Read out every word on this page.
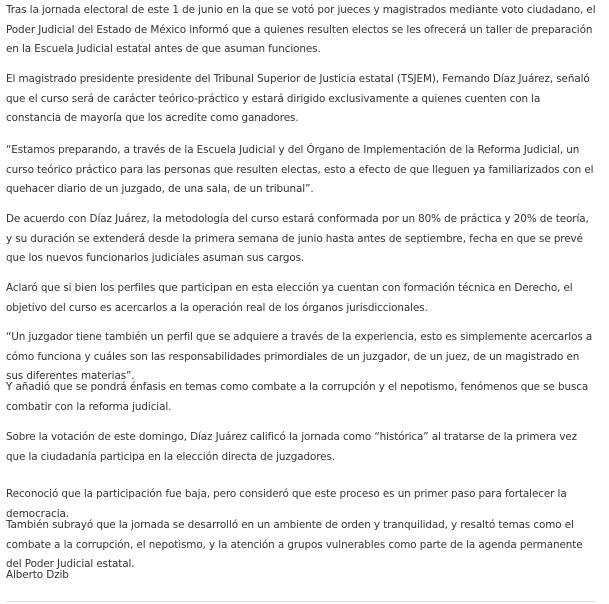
Tras la jornada electoral de este 1 de junio en la que se votó por jueces y magistrados mediante voto ciudadano, el Poder Judicial del Estado de México informó que a quienes resulten electos se les ofrecerá un taller de preparación en la Escuela Judicial estatal antes de que asuman funciones.

El magistrado presidente presidente del Tribunal Superior de Justicia estatal (TSJEM), Fernando Díaz Juárez, señaló que el curso será de carácter teórico-práctico y estará dirigido exclusivamente a quienes cuenten con la constancia de mayoría que los acredite como ganadores.

“Estamos preparando, a través de la Escuela Judicial y del Órgano de Implementación de la Reforma Judicial, un curso teórico práctico para las personas que resulten electas, esto a efecto de que lleguen ya familiarizados con el quehacer diario de un juzgado, de una sala, de un tribunal”.

De acuerdo con Díaz Juárez, la metodología del curso estará conformada por un 80% de práctica y 20% de teoría, y su duración se extenderá desde la primera semana de junio hasta antes de septiembre, fecha en que se prevé que los nuevos funcionarios judiciales asuman sus cargos.

Aclaró que si bien los perfiles que participan en esta elección ya cuentan con formación técnica en Derecho, el objetivo del curso es acercarlos a la operación real de los órganos jurisdiccionales.

“Un juzgador tiene también un perfil que se adquiere a través de la experiencia, esto es simplemente acercarlos a cómo funciona y cuáles son las responsabilidades primordiales de un juzgador, de un juez, de un magistrado en sus diferentes materias”.

Y añadió que se pondrá énfasis en temas como combate a la corrupción y el nepotismo, fenómenos que se busca combatir con la reforma judicial.

Sobre la votación de este domingo, Díaz Juárez calificó la jornada como “histórica” al tratarse de la primera vez que la ciudadanía participa en la elección directa de juzgadores.

Reconoció que la participación fue baja, pero consideró que este proceso es un primer paso para fortalecer la democracia.

También subrayó que la jornada se desarrolló en un ambiente de orden y tranquilidad, y resaltó temas como el combate a la corrupción, el nepotismo, y la atención a grupos vulnerables como parte de la agenda permanente del Poder Judicial estatal.

Alberto Dzib
